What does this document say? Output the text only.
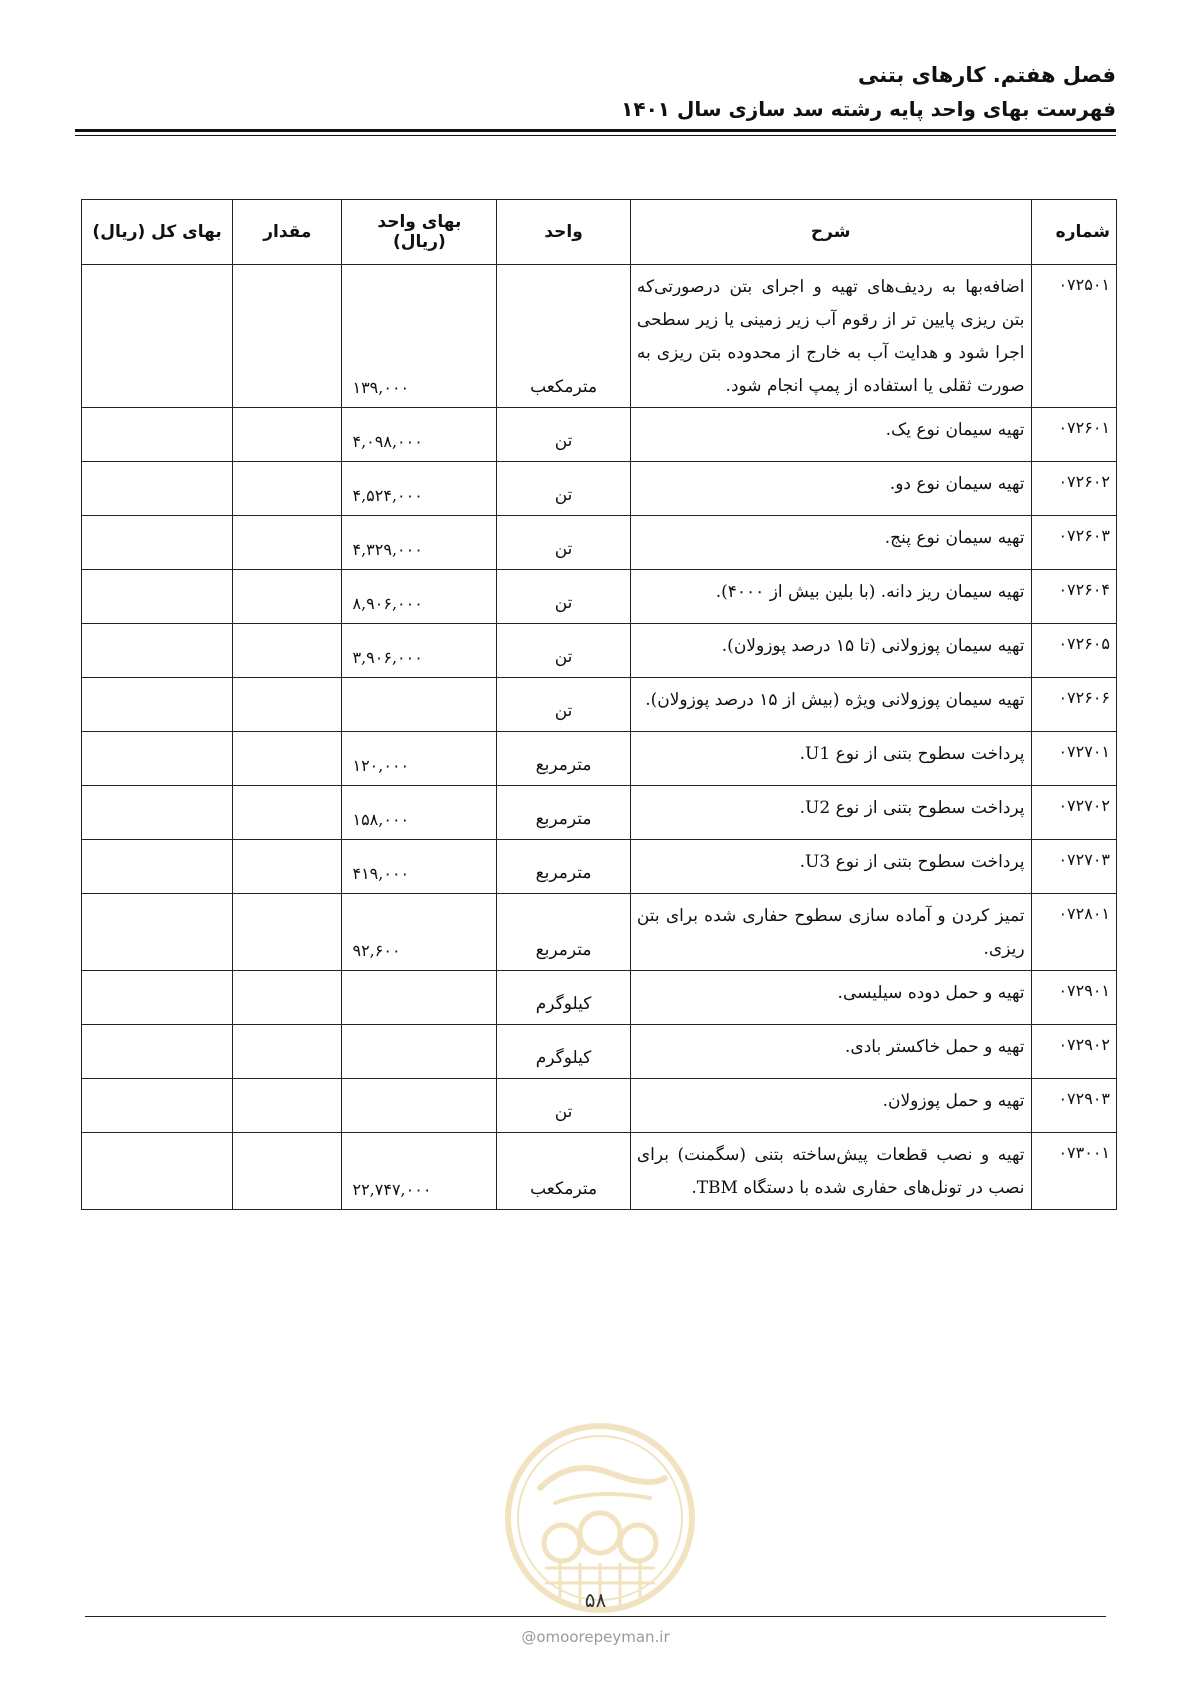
فصل هفتم. کارهای بتنی
فهرست بهای واحد پایه رشته سد سازی سال ۱۴۰۱
شماره	شرح	واحد	بهای واحد (ریال)	مقدار	بهای کل (ریال)
۰۷۲۵۰۱	اضافه‌بها به ردیف‌های تهیه و اجرای بتن درصورتی‌که بتن ریزی پایین تر از رقوم آب زیر زمینی یا زیر سطحی اجرا شود و هدایت آب به خارج از محدوده بتن ریزی به صورت ثقلی یا استفاده از پمپ انجام شود.	مترمکعب	۱۳۹,۰۰۰		
۰۷۲۶۰۱	تهیه سیمان نوع یک.	تن	۴,۰۹۸,۰۰۰		
۰۷۲۶۰۲	تهیه سیمان نوع دو.	تن	۴,۵۲۴,۰۰۰		
۰۷۲۶۰۳	تهیه سیمان نوع پنج.	تن	۴,۳۲۹,۰۰۰		
۰۷۲۶۰۴	تهیه سیمان ریز دانه. (با بلین بیش از ۴۰۰۰).	تن	۸,۹۰۶,۰۰۰		
۰۷۲۶۰۵	تهیه سیمان پوزولانی (تا ۱۵ درصد پوزولان).	تن	۳,۹۰۶,۰۰۰		
۰۷۲۶۰۶	تهیه سیمان پوزولانی ویژه (بیش از ۱۵ درصد پوزولان).	تن			
۰۷۲۷۰۱	پرداخت سطوح بتنی از نوع U1.	مترمربع	۱۲۰,۰۰۰		
۰۷۲۷۰۲	پرداخت سطوح بتنی از نوع U2.	مترمربع	۱۵۸,۰۰۰		
۰۷۲۷۰۳	پرداخت سطوح بتنی از نوع U3.	مترمربع	۴۱۹,۰۰۰		
۰۷۲۸۰۱	تمیز کردن و آماده سازی سطوح حفاری شده برای بتن ریزی.	مترمربع	۹۲,۶۰۰		
۰۷۲۹۰۱	تهیه و حمل دوده سیلیسی.	کیلوگرم			
۰۷۲۹۰۲	تهیه و حمل خاکستر بادی.	کیلوگرم			
۰۷۲۹۰۳	تهیه و حمل پوزولان.	تن			
۰۷۳۰۰۱	تهیه و نصب قطعات پیش‌ساخته بتنی (سگمنت) برای نصب در تونل‌های حفاری شده با دستگاه TBM.	مترمکعب	۲۲,۷۴۷,۰۰۰		
۵۸
@omoorepeyman.ir
